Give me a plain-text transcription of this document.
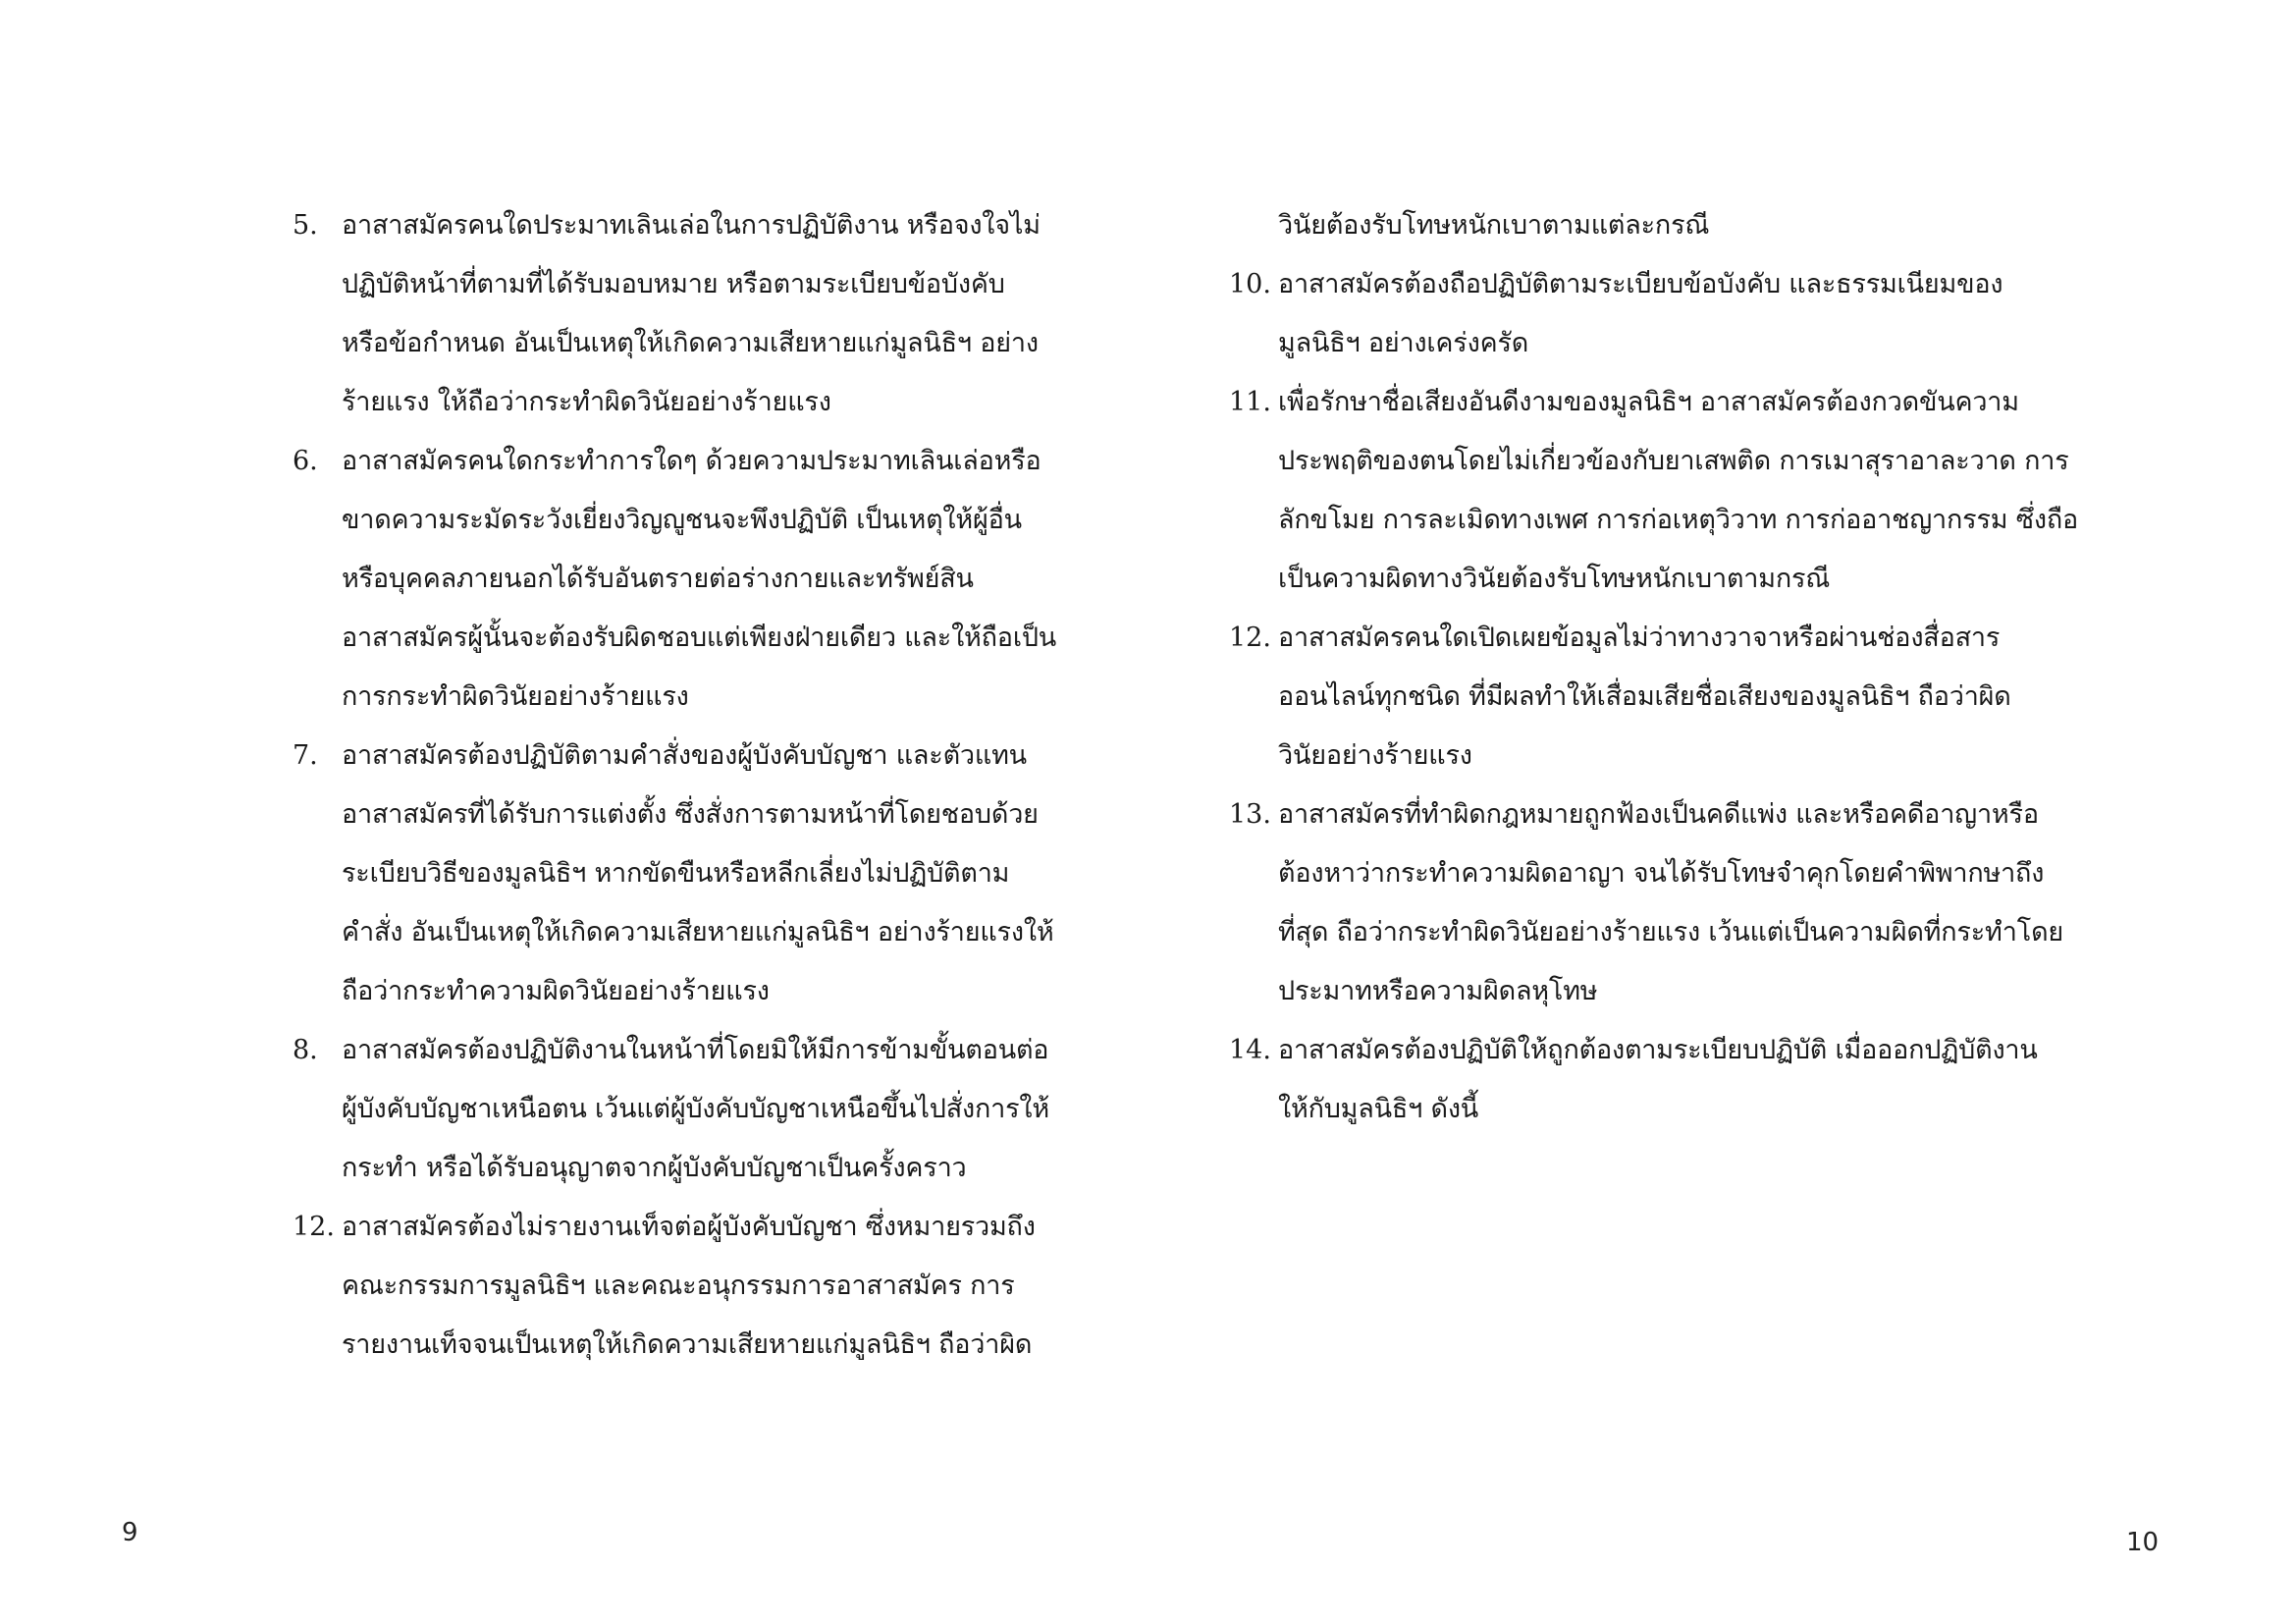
5. อาสาสมัครคนใดประมาทเลินเล่อในการปฏิบัติงาน หรือจงใจไม่
ปฏิบัติหน้าที่ตามที่ได้รับมอบหมาย หรือตามระเบียบข้อบังคับ
หรือข้อกำหนด อันเป็นเหตุให้เกิดความเสียหายแก่มูลนิธิฯ อย่าง
ร้ายแรง ให้ถือว่ากระทำผิดวินัยอย่างร้ายแรง
6. อาสาสมัครคนใดกระทำการใดๆ ด้วยความประมาทเลินเล่อหรือ
ขาดความระมัดระวังเยี่ยงวิญญูชนจะพึงปฏิบัติ เป็นเหตุให้ผู้อื่น
หรือบุคคลภายนอกได้รับอันตรายต่อร่างกายและทรัพย์สิน
อาสาสมัครผู้นั้นจะต้องรับผิดชอบแต่เพียงฝ่ายเดียว และให้ถือเป็น
การกระทำผิดวินัยอย่างร้ายแรง
7. อาสาสมัครต้องปฏิบัติตามคำสั่งของผู้บังคับบัญชา และตัวแทน
อาสาสมัครที่ได้รับการแต่งตั้ง ซึ่งสั่งการตามหน้าที่โดยชอบด้วย
ระเบียบวิธีของมูลนิธิฯ หากขัดขืนหรือหลีกเลี่ยงไม่ปฏิบัติตาม
คำสั่ง อันเป็นเหตุให้เกิดความเสียหายแก่มูลนิธิฯ อย่างร้ายแรงให้
ถือว่ากระทำความผิดวินัยอย่างร้ายแรง
8. อาสาสมัครต้องปฏิบัติงานในหน้าที่โดยมิให้มีการข้ามขั้นตอนต่อ
ผู้บังคับบัญชาเหนือตน เว้นแต่ผู้บังคับบัญชาเหนือขึ้นไปสั่งการให้
กระทำ หรือได้รับอนุญาตจากผู้บังคับบัญชาเป็นครั้งคราว
12. อาสาสมัครต้องไม่รายงานเท็จต่อผู้บังคับบัญชา ซึ่งหมายรวมถึง
คณะกรรมการมูลนิธิฯ และคณะอนุกรรมการอาสาสมัคร การ
รายงานเท็จจนเป็นเหตุให้เกิดความเสียหายแก่มูลนิธิฯ ถือว่าผิด
9
วินัยต้องรับโทษหนักเบาตามแต่ละกรณี
10. อาสาสมัครต้องถือปฏิบัติตามระเบียบข้อบังคับ และธรรมเนียมของ
มูลนิธิฯ อย่างเคร่งครัด
11. เพื่อรักษาชื่อเสียงอันดีงามของมูลนิธิฯ อาสาสมัครต้องกวดขันความ
ประพฤติของตนโดยไม่เกี่ยวข้องกับยาเสพติด การเมาสุราอาละวาด การ
ลักขโมย การละเมิดทางเพศ การก่อเหตุวิวาท การก่ออาชญากรรม ซึ่งถือ
เป็นความผิดทางวินัยต้องรับโทษหนักเบาตามกรณี
12. อาสาสมัครคนใดเปิดเผยข้อมูลไม่ว่าทางวาจาหรือผ่านช่องสื่อสาร
ออนไลน์ทุกชนิด ที่มีผลทำให้เสื่อมเสียชื่อเสียงของมูลนิธิฯ ถือว่าผิด
วินัยอย่างร้ายแรง
13. อาสาสมัครที่ทำผิดกฎหมายถูกฟ้องเป็นคดีแพ่ง และหรือคดีอาญาหรือ
ต้องหาว่ากระทำความผิดอาญา จนได้รับโทษจำคุกโดยคำพิพากษาถึง
ที่สุด ถือว่ากระทำผิดวินัยอย่างร้ายแรง เว้นแต่เป็นความผิดที่กระทำโดย
ประมาทหรือความผิดลหุโทษ
14. อาสาสมัครต้องปฏิบัติให้ถูกต้องตามระเบียบปฏิบัติ เมื่อออกปฏิบัติงาน
ให้กับมูลนิธิฯ ดังนี้
10
